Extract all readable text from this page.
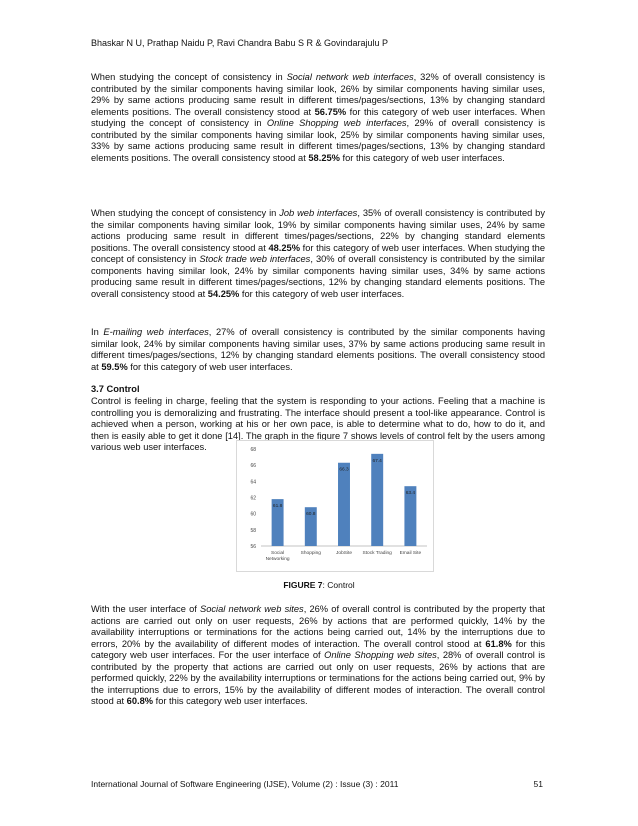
Bhaskar N U, Prathap Naidu P, Ravi Chandra Babu S R & Govindarajulu P

When studying the concept of consistency in Social network web interfaces, 32% of overall consistency is contributed by the similar components having similar look, 26% by similar components having similar uses, 29% by same actions producing same result in different times/pages/sections, 13% by changing standard elements positions. The overall consistency stood at 56.75% for this category of web user interfaces. When studying the concept of consistency in Online Shopping web interfaces, 29% of overall consistency is contributed by the similar components having similar look, 25% by similar components having similar uses, 33% by same actions producing same result in different times/pages/sections, 13% by changing standard elements positions. The overall consistency stood at 58.25% for this category of web user interfaces.

When studying the concept of consistency in Job web interfaces, 35% of overall consistency is contributed by the similar components having similar look, 19% by similar components having similar uses, 24% by same actions producing same result in different times/pages/sections, 22% by changing standard elements positions. The overall consistency stood at 48.25% for this category of web user interfaces. When studying the concept of consistency in Stock trade web interfaces, 30% of overall consistency is contributed by the similar components having similar look, 24% by similar components having similar uses, 34% by same actions producing same result in different times/pages/sections, 12% by changing standard elements positions. The overall consistency stood at 54.25% for this category of web user interfaces.

In E-mailing web interfaces, 27% of overall consistency is contributed by the similar components having similar look, 24% by similar components having similar uses, 37% by same actions producing same result in different times/pages/sections, 12% by changing standard elements positions. The overall consistency stood at 59.5% for this category of web user interfaces.

3.7 Control

Control is feeling in charge, feeling that the system is responding to your actions. Feeling that a machine is controlling you is demoralizing and frustrating. The interface should present a tool-like appearance. Control is achieved when a person, working at his or her own pace, is able to determine what to do, how to do it, and then is easily able to get it done [14]. The graph in the figure 7 shows levels of control felt by the users among various web user interfaces.

56
58
60
62
64
66
68
61.8
Social
Networking
60.8
Shopping
66.3
JobSite
67.4
Stock Trading
63.4
Email Site
FIGURE 7: Control

With the user interface of Social network web sites, 26% of overall control is contributed by the property that actions are carried out only on user requests, 26% by actions that are performed quickly, 14% by the availability interruptions or terminations for the actions being carried out, 14% by the interruptions due to errors, 20% by the availability of different modes of interaction. The overall control stood at 61.8% for this category web user interfaces. For the user interface of Online Shopping web sites, 28% of overall control is contributed by the property that actions are carried out only on user requests, 26% by actions that are performed quickly, 22% by the availability interruptions or terminations for the actions being carried out, 9% by the interruptions due to errors, 15% by the availability of different modes of interaction. The overall control stood at 60.8% for this category web user interfaces.

International Journal of Software Engineering (IJSE), Volume (2) : Issue (3) : 2011	51
